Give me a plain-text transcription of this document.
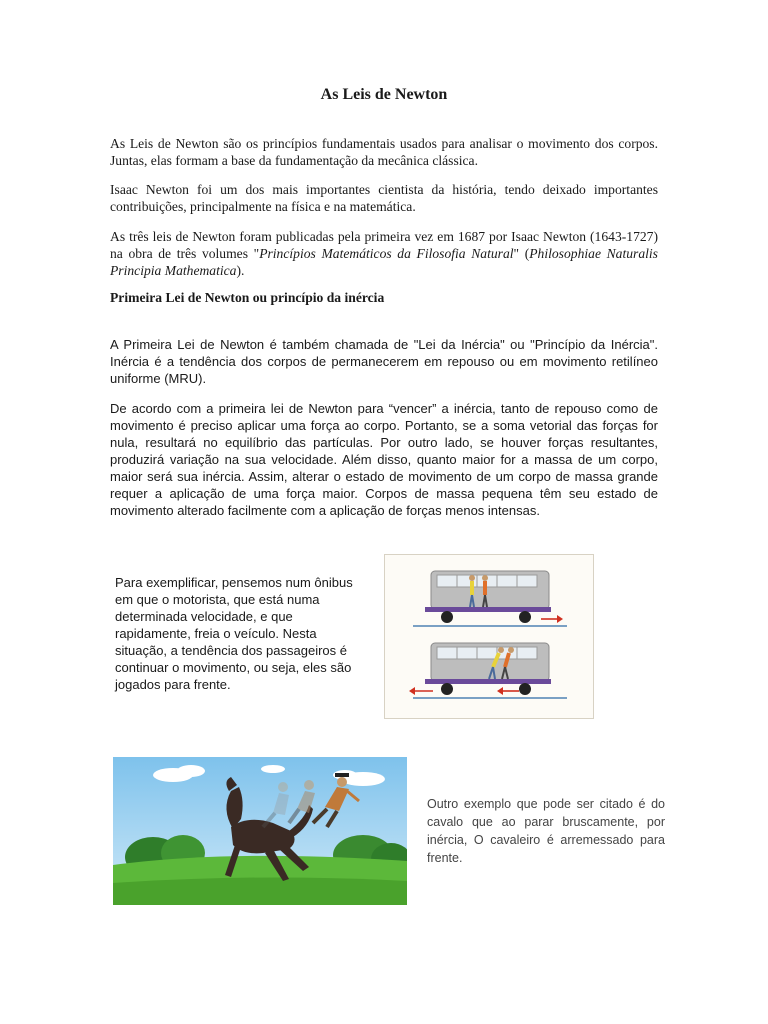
As Leis de Newton

As Leis de Newton são os princípios fundamentais usados para analisar o movimento dos corpos. Juntas, elas formam a base da fundamentação da mecânica clássica.

Isaac Newton foi um dos mais importantes cientista da história, tendo deixado importantes contribuições, principalmente na física e na matemática.

As três leis de Newton foram publicadas pela primeira vez em 1687 por Isaac Newton (1643-1727) na obra de três volumes "Princípios Matemáticos da Filosofia Natural" (Philosophiae Naturalis Principia Mathematica).

Primeira Lei de Newton ou princípio da inércia

A Primeira Lei de Newton é também chamada de "Lei da Inércia" ou "Princípio da Inércia". Inércia é a tendência dos corpos de permanecerem em repouso ou em movimento retilíneo uniforme (MRU).

De acordo com a primeira lei de Newton para “vencer” a inércia, tanto de repouso como de movimento é preciso aplicar uma força ao corpo. Portanto, se a soma vetorial das forças for nula, resultará no equilíbrio das partículas. Por outro lado, se houver forças resultantes, produzirá variação na sua velocidade. Além disso, quanto maior for a massa de um corpo, maior será sua inércia. Assim, alterar o estado de movimento de um corpo de massa grande requer a aplicação de uma força maior. Corpos de massa pequena têm seu estado de movimento alterado facilmente com a aplicação de forças menos intensas.

Para exemplificar, pensemos num ônibus em que o motorista, que está numa determinada velocidade, e que rapidamente, freia o veículo. Nesta situação, a tendência dos passageiros é continuar o movimento, ou seja, eles são jogados para frente.

Outro exemplo que pode ser citado é do cavalo que ao parar bruscamente, por inércia, O cavaleiro é arremessado para frente.
